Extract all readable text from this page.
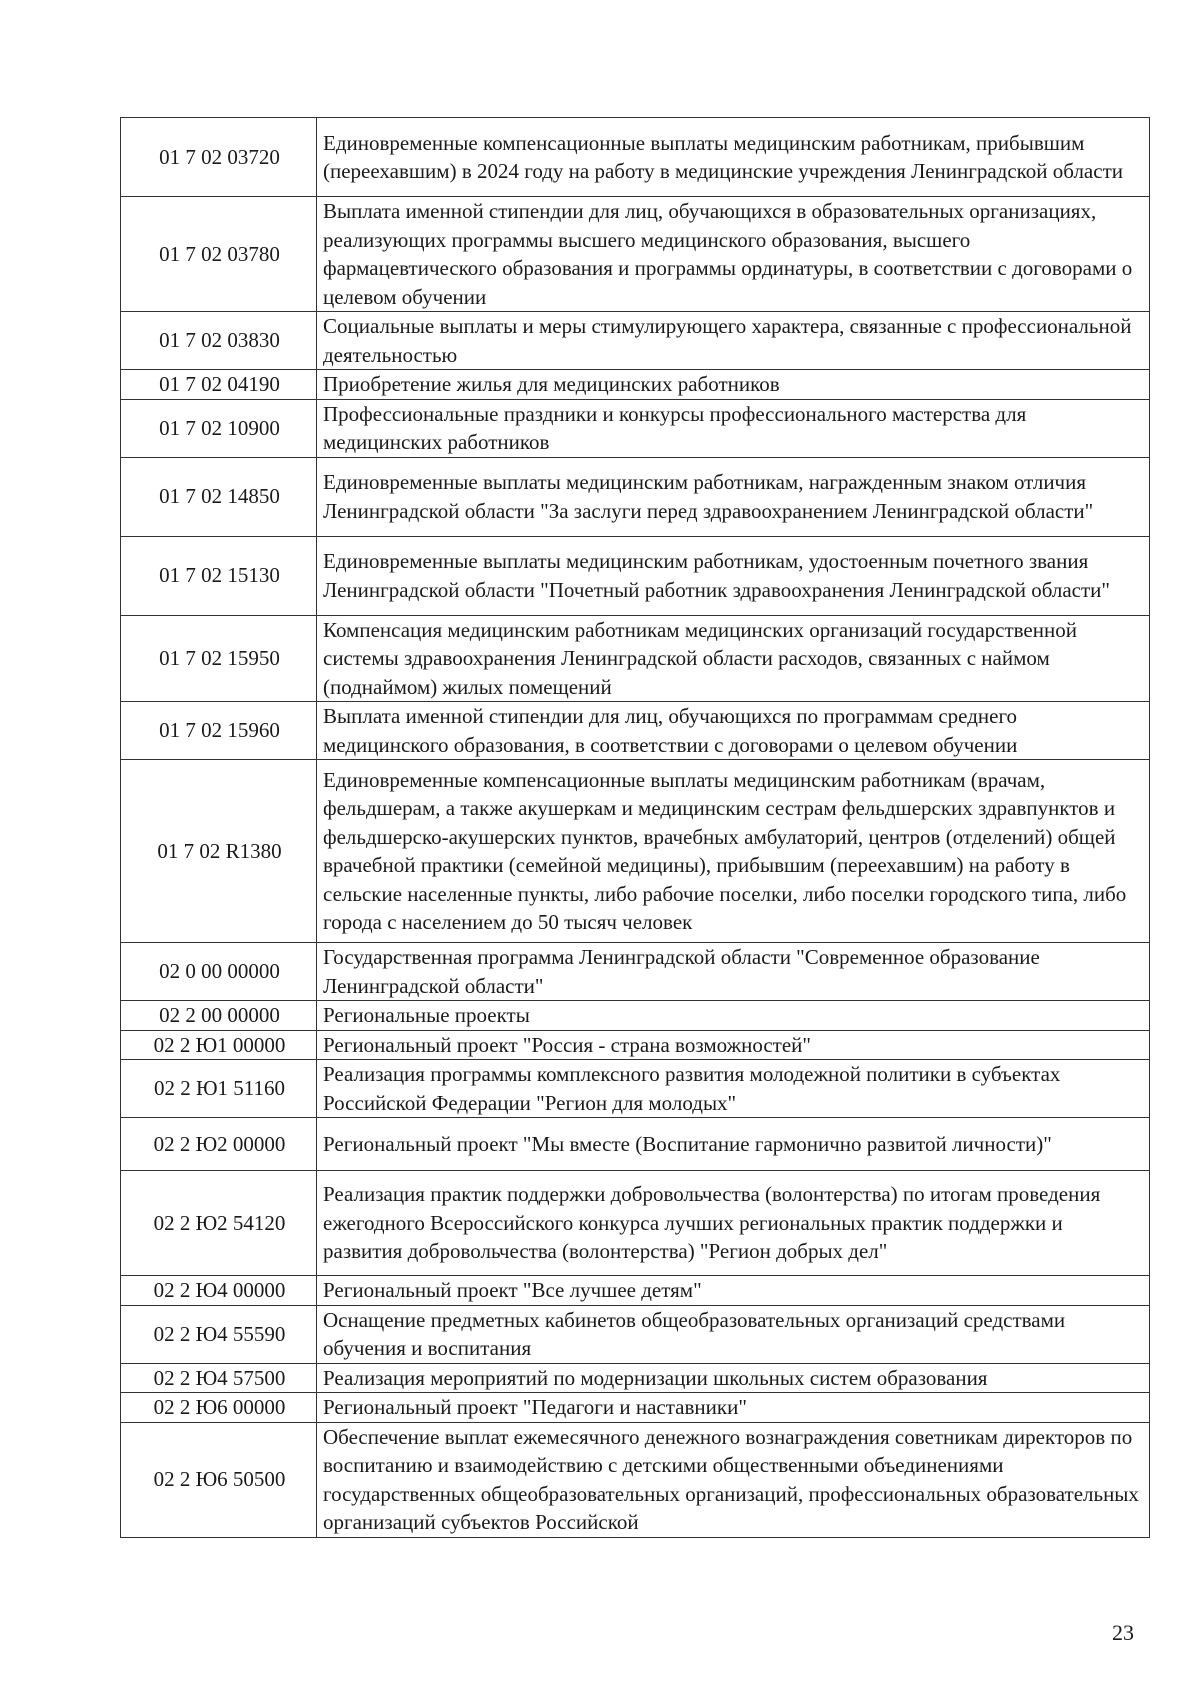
01 7 02 03720	Единовременные компенсационные выплаты медицинским работникам, прибывшим (переехавшим) в 2024 году на работу в медицинские учреждения Ленинградской области
01 7 02 03780	Выплата именной стипендии для лиц, обучающихся в образовательных организациях, реализующих программы высшего медицинского образования, высшего фармацевтического образования и программы ординатуры, в соответствии с договорами о целевом обучении
01 7 02 03830	Социальные выплаты и меры стимулирующего характера, связанные с профессиональной деятельностью
01 7 02 04190	Приобретение жилья для медицинских работников
01 7 02 10900	Профессиональные праздники и конкурсы профессионального мастерства для медицинских работников
01 7 02 14850	Единовременные выплаты медицинским работникам, награжденным знаком отличия Ленинградской области "За заслуги перед здравоохранением Ленинградской области"
01 7 02 15130	Единовременные выплаты медицинским работникам, удостоенным почетного звания Ленинградской области "Почетный работник здравоохранения Ленинградской области"
01 7 02 15950	Компенсация медицинским работникам медицинских организаций государственной системы здравоохранения Ленинградской области расходов, связанных с наймом (поднаймом) жилых помещений
01 7 02 15960	Выплата именной стипендии для лиц, обучающихся по программам среднего медицинского образования, в соответствии с договорами о целевом обучении
01 7 02 R1380	Единовременные компенсационные выплаты медицинским работникам (врачам, фельдшерам, а также акушеркам и медицинским сестрам фельдшерских здравпунктов и фельдшерско-акушерских пунктов, врачебных амбулаторий, центров (отделений) общей врачебной практики (семейной медицины), прибывшим (переехавшим) на работу в сельские населенные пункты, либо рабочие поселки, либо поселки городского типа, либо города с населением до 50 тысяч человек
02 0 00 00000	Государственная программа Ленинградской области "Современное образование Ленинградской области"
02 2 00 00000	Региональные проекты
02 2 Ю1 00000	Региональный проект "Россия - страна возможностей"
02 2 Ю1 51160	Реализация программы комплексного развития молодежной политики в субъектах Российской Федерации "Регион для молодых"
02 2 Ю2 00000	Региональный проект "Мы вместе (Воспитание гармонично развитой личности)"
02 2 Ю2 54120	Реализация практик поддержки добровольчества (волонтерства) по итогам проведения ежегодного Всероссийского конкурса лучших региональных практик поддержки и развития добровольчества (волонтерства) "Регион добрых дел"
02 2 Ю4 00000	Региональный проект "Все лучшее детям"
02 2 Ю4 55590	Оснащение предметных кабинетов общеобразовательных организаций средствами обучения и воспитания
02 2 Ю4 57500	Реализация мероприятий по модернизации школьных систем образования
02 2 Ю6 00000	Региональный проект "Педагоги и наставники"
02 2 Ю6 50500	Обеспечение выплат ежемесячного денежного вознаграждения советникам директоров по воспитанию и взаимодействию с детскими общественными объединениями государственных общеобразовательных организаций, профессиональных образовательных организаций субъектов Российской
23
